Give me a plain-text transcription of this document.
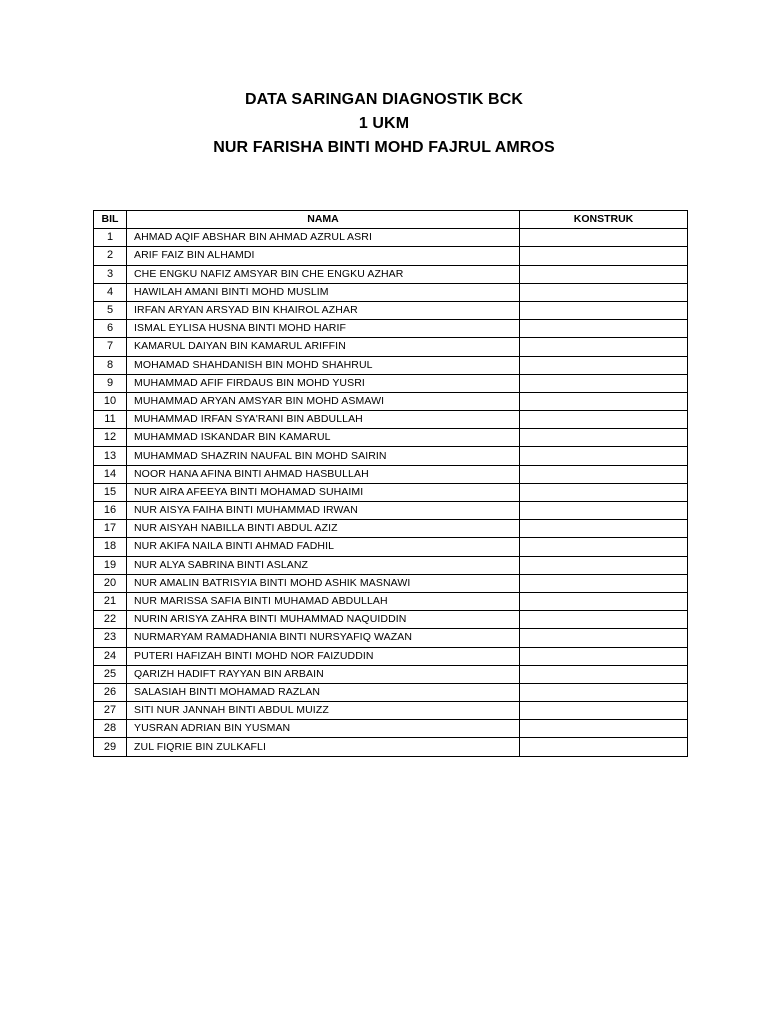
DATA SARINGAN DIAGNOSTIK BCK
1 UKM
NUR FARISHA BINTI MOHD FAJRUL AMROS
BIL	NAMA	KONSTRUK
1	AHMAD AQIF ABSHAR BIN AHMAD AZRUL ASRI	
2	ARIF FAIZ BIN ALHAMDI	
3	CHE ENGKU NAFIZ AMSYAR BIN CHE ENGKU AZHAR	
4	HAWILAH AMANI BINTI MOHD MUSLIM	
5	IRFAN ARYAN ARSYAD BIN KHAIROL AZHAR	
6	ISMAL EYLISA HUSNA BINTI MOHD HARIF	
7	KAMARUL DAIYAN BIN KAMARUL ARIFFIN	
8	MOHAMAD SHAHDANISH BIN MOHD SHAHRUL	
9	MUHAMMAD AFIF FIRDAUS BIN MOHD YUSRI	
10	MUHAMMAD ARYAN AMSYAR BIN MOHD ASMAWI	
11	MUHAMMAD IRFAN SYA'RANI BIN ABDULLAH	
12	MUHAMMAD ISKANDAR BIN KAMARUL	
13	MUHAMMAD SHAZRIN NAUFAL BIN MOHD SAIRIN	
14	NOOR HANA AFINA BINTI AHMAD HASBULLAH	
15	NUR AIRA AFEEYA BINTI MOHAMAD SUHAIMI	
16	NUR AISYA FAIHA BINTI MUHAMMAD IRWAN	
17	NUR AISYAH NABILLA BINTI ABDUL AZIZ	
18	NUR AKIFA NAILA BINTI AHMAD FADHIL	
19	NUR ALYA SABRINA BINTI ASLANZ	
20	NUR AMALIN BATRISYIA BINTI MOHD ASHIK MASNAWI	
21	NUR MARISSA SAFIA BINTI MUHAMAD ABDULLAH	
22	NURIN ARISYA ZAHRA BINTI MUHAMMAD NAQUIDDIN	
23	NURMARYAM RAMADHANIA BINTI NURSYAFIQ WAZAN	
24	PUTERI HAFIZAH BINTI MOHD NOR FAIZUDDIN	
25	QARIZH HADIFT RAYYAN BIN ARBAIN	
26	SALASIAH BINTI MOHAMAD RAZLAN	
27	SITI NUR JANNAH BINTI ABDUL MUIZZ	
28	YUSRAN ADRIAN BIN YUSMAN	
29	ZUL FIQRIE BIN ZULKAFLI	
